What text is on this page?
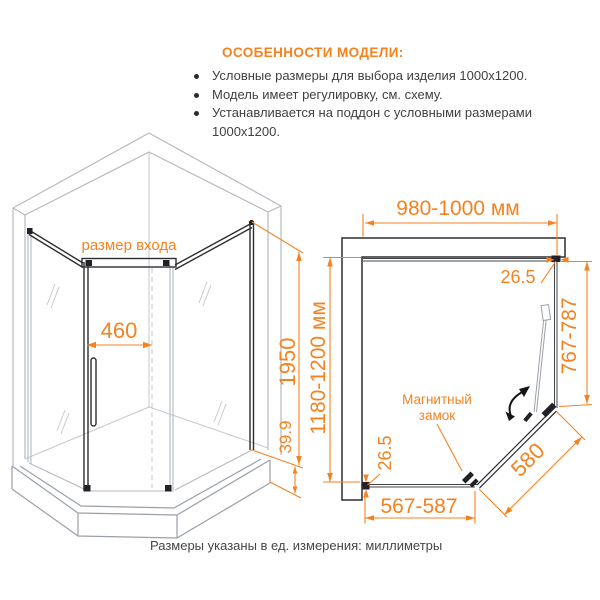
ОСОБЕННОСТИ МОДЕЛИ:
Условные размеры для выбора изделия 1000x1200.
Модель имеет регулировку, см. схему.
Устанавливается на поддон с условными размерами 1000x1200.
размер входа
460
1950
39.9
980-1000 мм
1180-1200 мм
26.5
767-787
580
567-587
26.5
Магнитный
замок
Размеры указаны в ед. измерения: миллиметры
